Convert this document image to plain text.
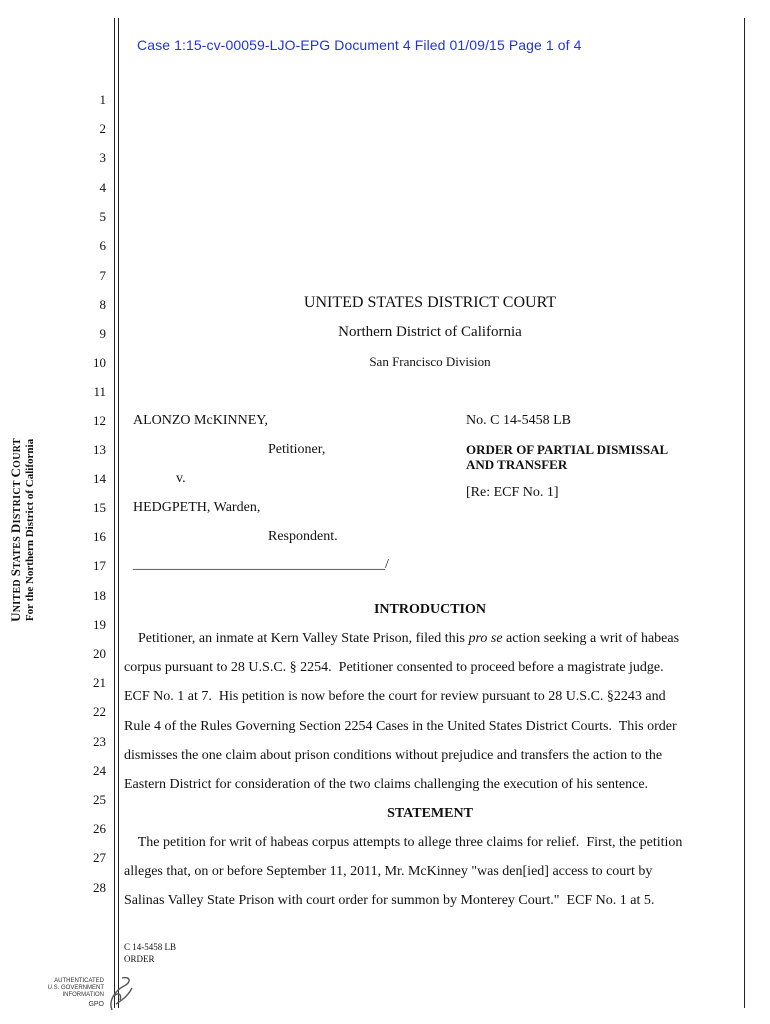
Case 1:15-cv-00059-LJO-EPG Document 4 Filed 01/09/15 Page 1 of 4
1
2
3
4
5
6
7
8
9
10
11
12
13
14
15
16
17
18
19
20
21
22
23
24
25
26
27
28
UNITED STATES DISTRICT COURT For the Northern District of California
UNITED STATES DISTRICT COURT
Northern District of California
San Francisco Division
ALONZO McKINNEY,
Petitioner,
v.
HEDGPETH, Warden,
Respondent.
____________________________________/
No. C 14-5458 LB
ORDER OF PARTIAL DISMISSAL
AND TRANSFER
[Re: ECF No. 1]
INTRODUCTION
Petitioner, an inmate at Kern Valley State Prison, filed this pro se action seeking a writ of habeas
corpus pursuant to 28 U.S.C. § 2254.  Petitioner consented to proceed before a magistrate judge.
ECF No. 1 at 7.  His petition is now before the court for review pursuant to 28 U.S.C. §2243 and
Rule 4 of the Rules Governing Section 2254 Cases in the United States District Courts.  This order
dismisses the one claim about prison conditions without prejudice and transfers the action to the
Eastern District for consideration of the two claims challenging the execution of his sentence.
STATEMENT
The petition for writ of habeas corpus attempts to allege three claims for relief.  First, the petition
alleges that, on or before September 11, 2011, Mr. McKinney "was den[ied] access to court by
Salinas Valley State Prison with court order for summon by Monterey Court."  ECF No. 1 at 5.
C 14-5458 LB
ORDER
AUTHENTICATED
U.S. GOVERNMENT
INFORMATION
GPO
